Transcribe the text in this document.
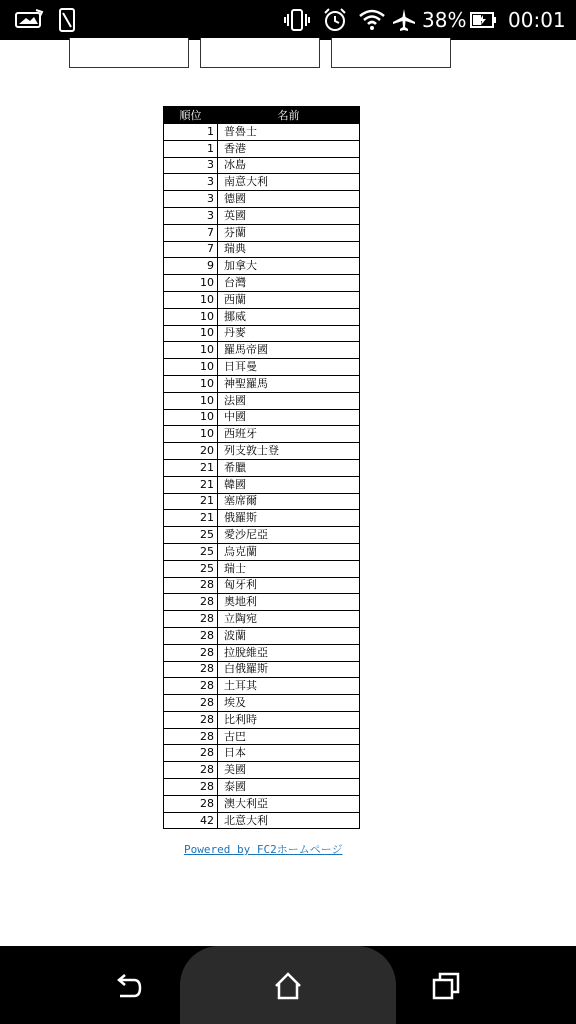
38% 00:01
順位	名前
1	普魯士
1	香港
3	冰島
3	南意大利
3	德國
3	英國
7	芬蘭
7	瑞典
9	加拿大
10	台灣
10	西蘭
10	挪威
10	丹麥
10	羅馬帝國
10	日耳曼
10	神聖羅馬
10	法國
10	中國
10	西班牙
20	列支敦士登
21	希臘
21	韓國
21	塞席爾
21	俄羅斯
25	愛沙尼亞
25	烏克蘭
25	瑞士
28	匈牙利
28	奧地利
28	立陶宛
28	波蘭
28	拉脫維亞
28	白俄羅斯
28	土耳其
28	埃及
28	比利時
28	古巴
28	日本
28	美國
28	泰國
28	澳大利亞
42	北意大利
Powered by FC2ホームページ
